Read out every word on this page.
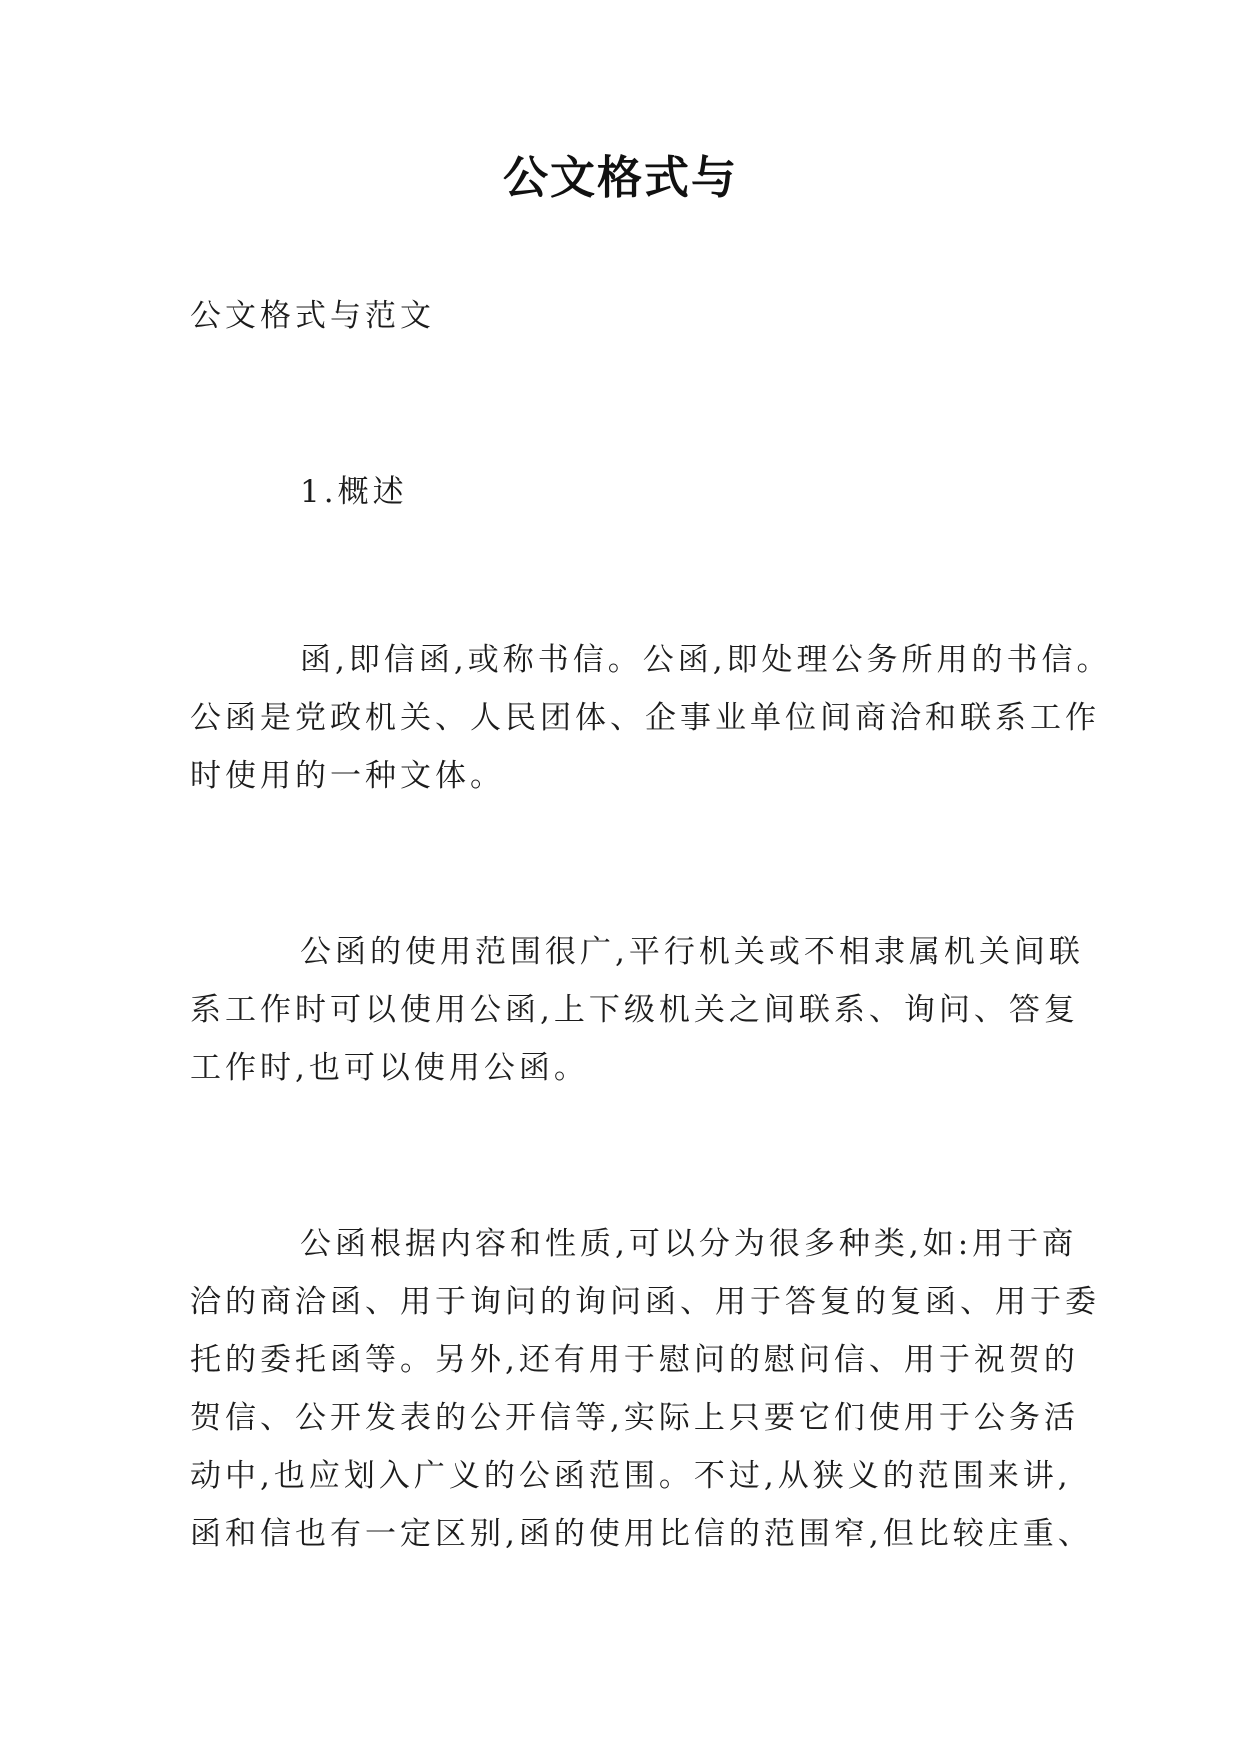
公文格式与
公文格式与范文
1.概述
函,即信函,或称书信。公函,即处理公务所用的书信。
公函是党政机关、人民团体、企事业单位间商洽和联系工作
时使用的一种文体。
公函的使用范围很广,平行机关或不相隶属机关间联
系工作时可以使用公函,上下级机关之间联系、询问、答复
工作时,也可以使用公函。
公函根据内容和性质,可以分为很多种类,如:用于商
洽的商洽函、用于询问的询问函、用于答复的复函、用于委
托的委托函等。另外,还有用于慰问的慰问信、用于祝贺的
贺信、公开发表的公开信等,实际上只要它们使用于公务活
动中,也应划入广义的公函范围。不过,从狭义的范围来讲,
函和信也有一定区别,函的使用比信的范围窄,但比较庄重、
